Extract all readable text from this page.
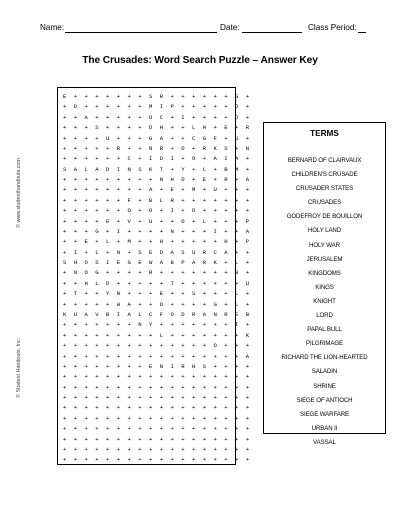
Name:	Date:	Class Period:
The Crusades: Word Search Puzzle – Answer Key
© www.studenthandouts.com
© Student Handouts, Inc.
E + + + + + + + S R + + + + + + G +
+ D + + + + + + M I P + + + + + O +
+ + A + + + + + O C + I + + + + D +
+ + + S + + + + D H + + L H + E + R
+ + + + U + + + G A + + C G F + U +
+ + + + + R + + N R + O + R K S + N
+ + + + + + C + I D I + O + A I A +
S A L A D I N S K T + Y + L + B M +
+ + + + + + + + + N H D + E + R + A
+ + + + + + + + A + E + M + U + + +
+ + + + + + F + B L R + + + + + + +
+ + + + + + O + O + I + D + + + + +
+ + + + E + V + U + + O + L + + + P
+ + + G + I + + + + N + + + I + + A
+ + E + L + M + + H + + + + + H + P
+ I + L + N + S E D A S U R C A + +
S H O S I E G E W A B P A R K + L +
+ N O G + + + + R + + + + + + + B +
+ + H L D + + + + + T + + + + + + U
+ T + + Y N + + + E + + S + + + L +
+ + + + + W A + + D + + + + G + L +
K U A V B I A L C F O D R A N R E B
+ + + + + + + N Y + + + + + + + I +
+ + + + + + + + + L + + + + + + + K
+ + + + + + + + + + + + + + O + + +
+ + + + + + + + + + + + + + + + + A
+ + + + + + + + E N I R H S + + + +
+ + + + + + + + + + + + + + + + + +
+ + + + + + + + + + + + + + + + + +
+ + + + + + + + + + + + + + + + + +
+ + + + + + + + + + + + + + + + + +
+ + + + + + + + + + + + + + + + + +
+ + + + + + + + + + + + + + + + + +
+ + + + + + + + + + + + + + + + + +
+ + + + + + + + + + + + + + + + + +
+ + + + + + + + + + + + + + + + + +
TERMS
BERNARD OF CLAIRVAUX
CHILDREN'S CRUSADE
CRUSADER STATES
CRUSADES
GODEFROY DE BOUILLON
HOLY LAND
HOLY WAR
JERUSALEM
KINGDOMS
KINGS
KNIGHT
LORD
PAPAL BULL
PILGRIMAGE
RICHARD THE LION-HEARTED
SALADIN
SHRINE
SIEGE OF ANTIOCH
SIEGE WARFARE
URBAN II
VASSAL
